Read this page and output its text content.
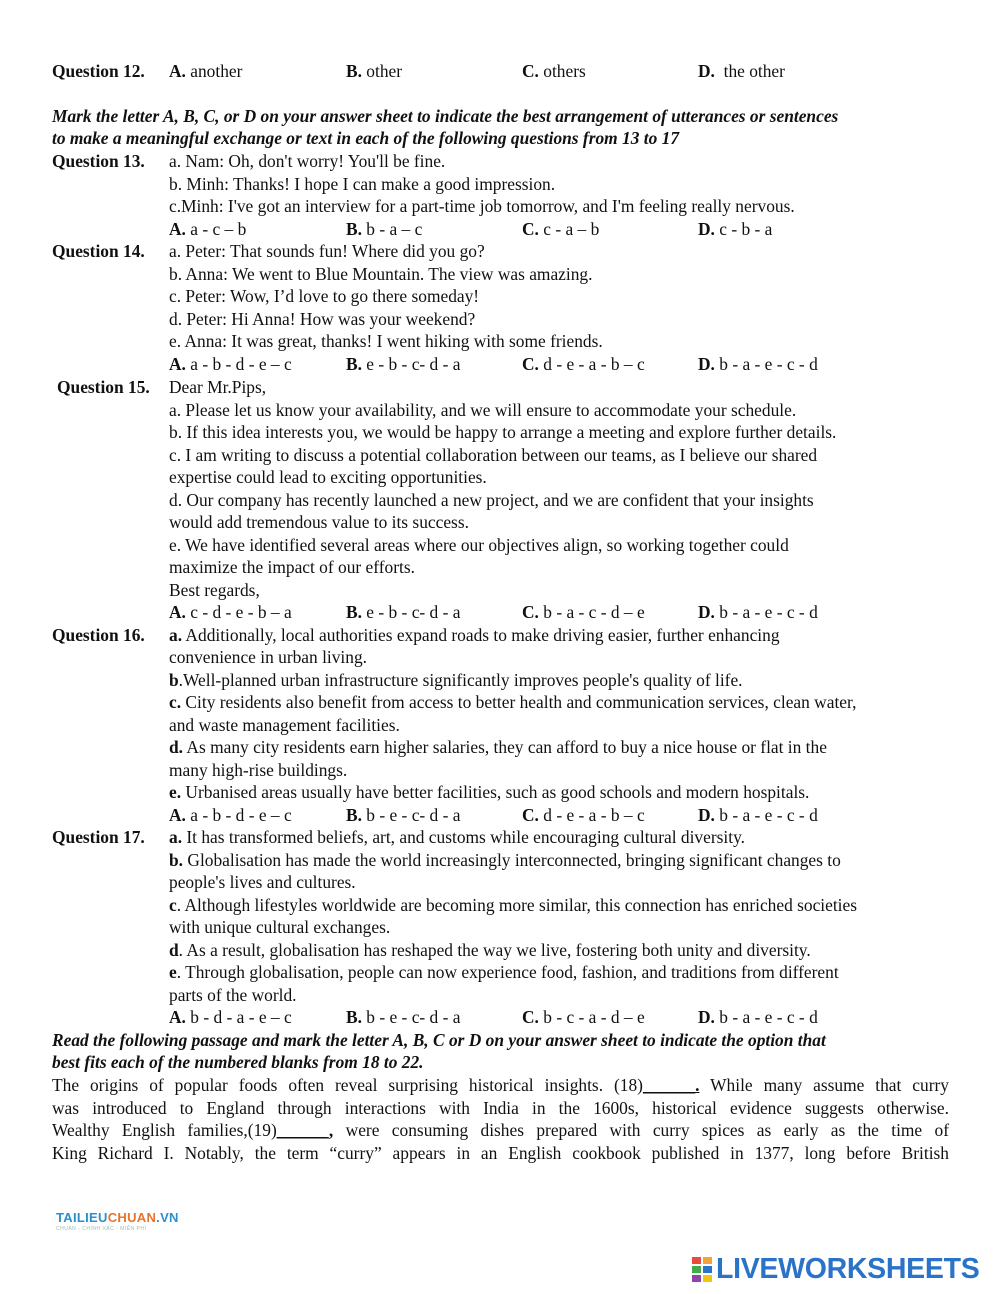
Question 12. A. another	B. other	C. others	D.  the other
Mark the letter A, B, C, or D on your answer sheet to indicate the best arrangement of utterances or sentences
to make a meaningful exchange or text in each of the following questions from 13 to 17
Question 13. a. Nam: Oh, don't worry! You'll be fine.
b. Minh: Thanks! I hope I can make a good impression.
c.Minh: I've got an interview for a part-time job tomorrow, and I'm feeling really nervous.
A. a - c – b	B. b - a – c	C. c - a – b	D. c - b - a
Question 14. a. Peter: That sounds fun! Where did you go?
b. Anna: We went to Blue Mountain. The view was amazing.
c. Peter: Wow, I’d love to go there someday!
d. Peter: Hi Anna! How was your weekend?
e. Anna: It was great, thanks! I went hiking with some friends.
A. a - b - d - e – c	B. e - b - c- d - a	C. d - e - a - b – c	D. b - a - e - c - d
Question 15. Dear Mr.Pips,
a. Please let us know your availability, and we will ensure to accommodate your schedule.
b. If this idea interests you, we would be happy to arrange a meeting and explore further details.
c. I am writing to discuss a potential collaboration between our teams, as I believe our shared
expertise could lead to exciting opportunities.
d. Our company has recently launched a new project, and we are confident that your insights
would add tremendous value to its success.
e. We have identified several areas where our objectives align, so working together could
maximize the impact of our efforts.
Best regards,
A. c - d - e - b – a	B. e - b - c- d - a	C. b - a - c - d – e	D. b - a - e - c - d
Question 16. a. Additionally, local authorities expand roads to make driving easier, further enhancing
convenience in urban living.
b.Well-planned urban infrastructure significantly improves people's quality of life.
c. City residents also benefit from access to better health and communication services, clean water,
and waste management facilities.
d. As many city residents earn higher salaries, they can afford to buy a nice house or flat in the
many high-rise buildings.
e. Urbanised areas usually have better facilities, such as good schools and modern hospitals.
A. a - b - d - e – c	B. b - e - c- d - a	C. d - e - a - b – c	D. b - a - e - c - d
Question 17. a. It has transformed beliefs, art, and customs while encouraging cultural diversity.
b. Globalisation has made the world increasingly interconnected, bringing significant changes to
people's lives and cultures.
c. Although lifestyles worldwide are becoming more similar, this connection has enriched societies
with unique cultural exchanges.
d. As a result, globalisation has reshaped the way we live, fostering both unity and diversity.
e. Through globalisation, people can now experience food, fashion, and traditions from different
parts of the world.
A. b - d - a - e – c	B. b - e - c- d - a	C. b - c - a - d – e	D. b - a - e - c - d
Read the following passage and mark the letter A, B, C or D on your answer sheet to indicate the option that
best fits each of the numbered blanks from 18 to 22.
The origins of popular foods often reveal surprising historical insights. (18)______. While many assume that curry
was introduced to England through interactions with India in the 1600s, historical evidence suggests otherwise.
Wealthy English families,(19)______, were consuming dishes prepared with curry spices as early as the time of
King Richard I. Notably, the term “curry” appears in an English cookbook published in 1377, long before British
TAILIEUCHUAN.VN
CHUẨN - CHÍNH XÁC - MIỄN PHÍ
LIVEWORKSHEETS
